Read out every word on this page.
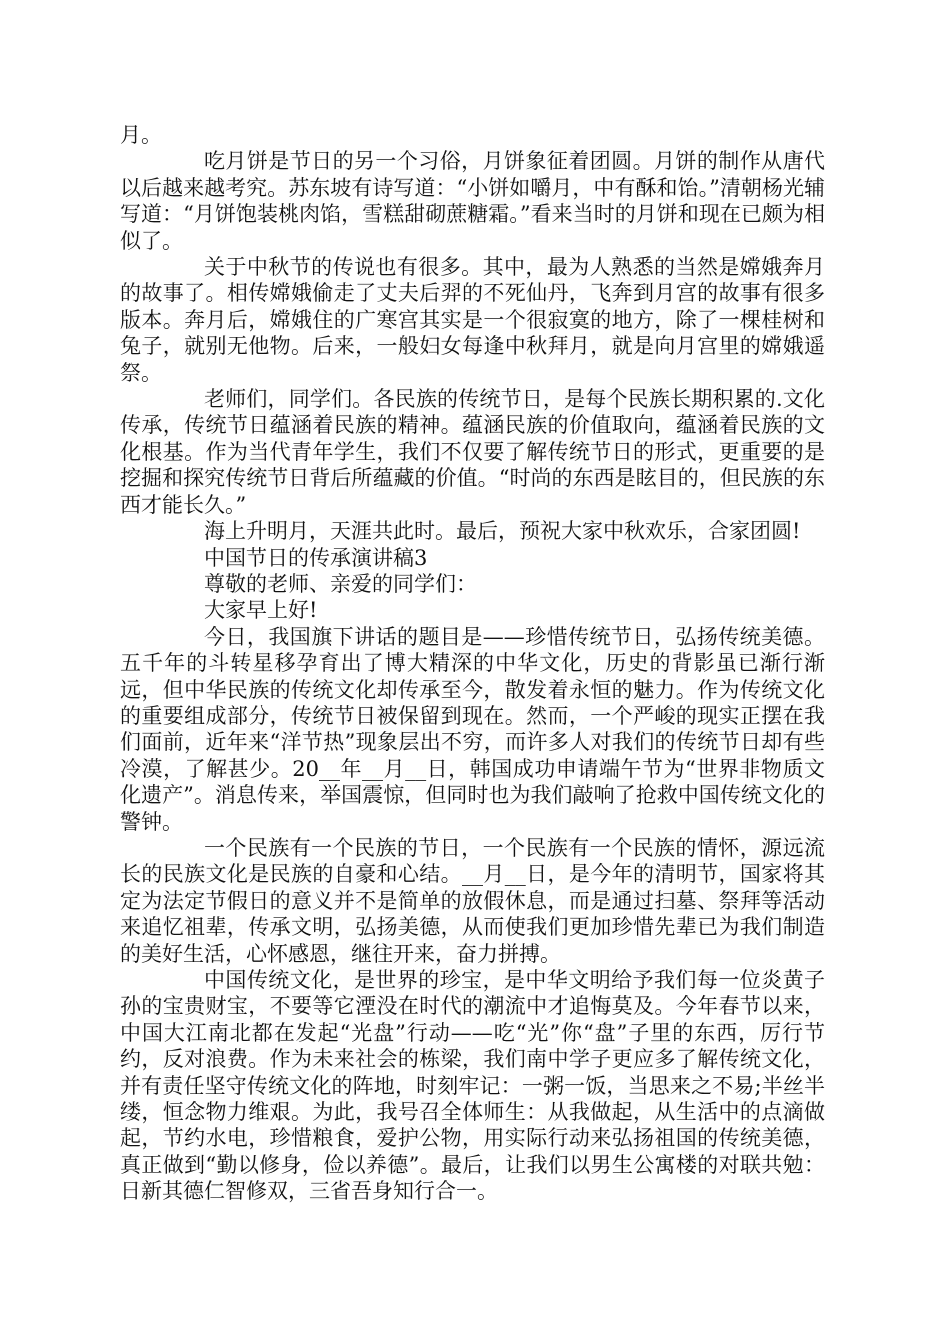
月。

吃月饼是节日的另一个习俗，月饼象征着团圆。月饼的制作从唐代以后越来越考究。苏东坡有诗写道：“小饼如嚼月，中有酥和饴。”清朝杨光辅写道：“月饼饱装桃肉馅，雪糕甜砌蔗糖霜。”看来当时的月饼和现在已颇为相似了。

关于中秋节的传说也有很多。其中，最为人熟悉的当然是嫦娥奔月的故事了。相传嫦娥偷走了丈夫后羿的不死仙丹，飞奔到月宫的故事有很多版本。奔月后，嫦娥住的广寒宫其实是一个很寂寞的地方，除了一棵桂树和兔子，就别无他物。后来，一般妇女每逢中秋拜月，就是向月宫里的嫦娥遥祭。

老师们，同学们。各民族的传统节日，是每个民族长期积累的.文化传承，传统节日蕴涵着民族的精神。蕴涵民族的价值取向，蕴涵着民族的文化根基。作为当代青年学生，我们不仅要了解传统节日的形式，更重要的是挖掘和探究传统节日背后所蕴藏的价值。“时尚的东西是眩目的，但民族的东西才能长久。”

海上升明月，天涯共此时。最后，预祝大家中秋欢乐，合家团圆!

中国节日的传承演讲稿3

尊敬的老师、亲爱的同学们：

大家早上好!

今日，我国旗下讲话的题目是——珍惜传统节日，弘扬传统美德。 五千年的斗转星移孕育出了博大精深的中华文化，历史的背影虽已渐行渐远，但中华民族的传统文化却传承至今，散发着永恒的魅力。作为传统文化的重要组成部分，传统节日被保留到现在。然而，一个严峻的现实正摆在我们面前，近年来“洋节热”现象层出不穷，而许多人对我们的传统节日却有些冷漠，了解甚少。20__年__月__日，韩国成功申请端午节为“世界非物质文化遗产”。消息传来，举国震惊，但同时也为我们敲响了抢救中国传统文化的警钟。

一个民族有一个民族的节日，一个民族有一个民族的情怀，源远流长的民族文化是民族的自豪和心结。__月__日，是今年的清明节，国家将其定为法定节假日的意义并不是简单的放假休息，而是通过扫墓、祭拜等活动来追忆祖辈，传承文明，弘扬美德，从而使我们更加珍惜先辈已为我们制造的美好生活，心怀感恩，继往开来，奋力拼搏。

中国传统文化，是世界的珍宝，是中华文明给予我们每一位炎黄子孙的宝贵财宝，不要等它湮没在时代的潮流中才追悔莫及。今年春节以来，中国大江南北都在发起“光盘”行动——吃“光”你“盘”子里的东西，厉行节约，反对浪费。作为未来社会的栋梁，我们南中学子更应多了解传统文化，并有责任坚守传统文化的阵地，时刻牢记：一粥一饭，当思来之不易;半丝半缕，恒念物力维艰。为此，我号召全体师生：从我做起，从生活中的点滴做起，节约水电，珍惜粮食，爱护公物，用实际行动来弘扬祖国的传统美德，真正做到“勤以修身，俭以养德”。最后，让我们以男生公寓楼的对联共勉：日新其德仁智修双，三省吾身知行合一。
